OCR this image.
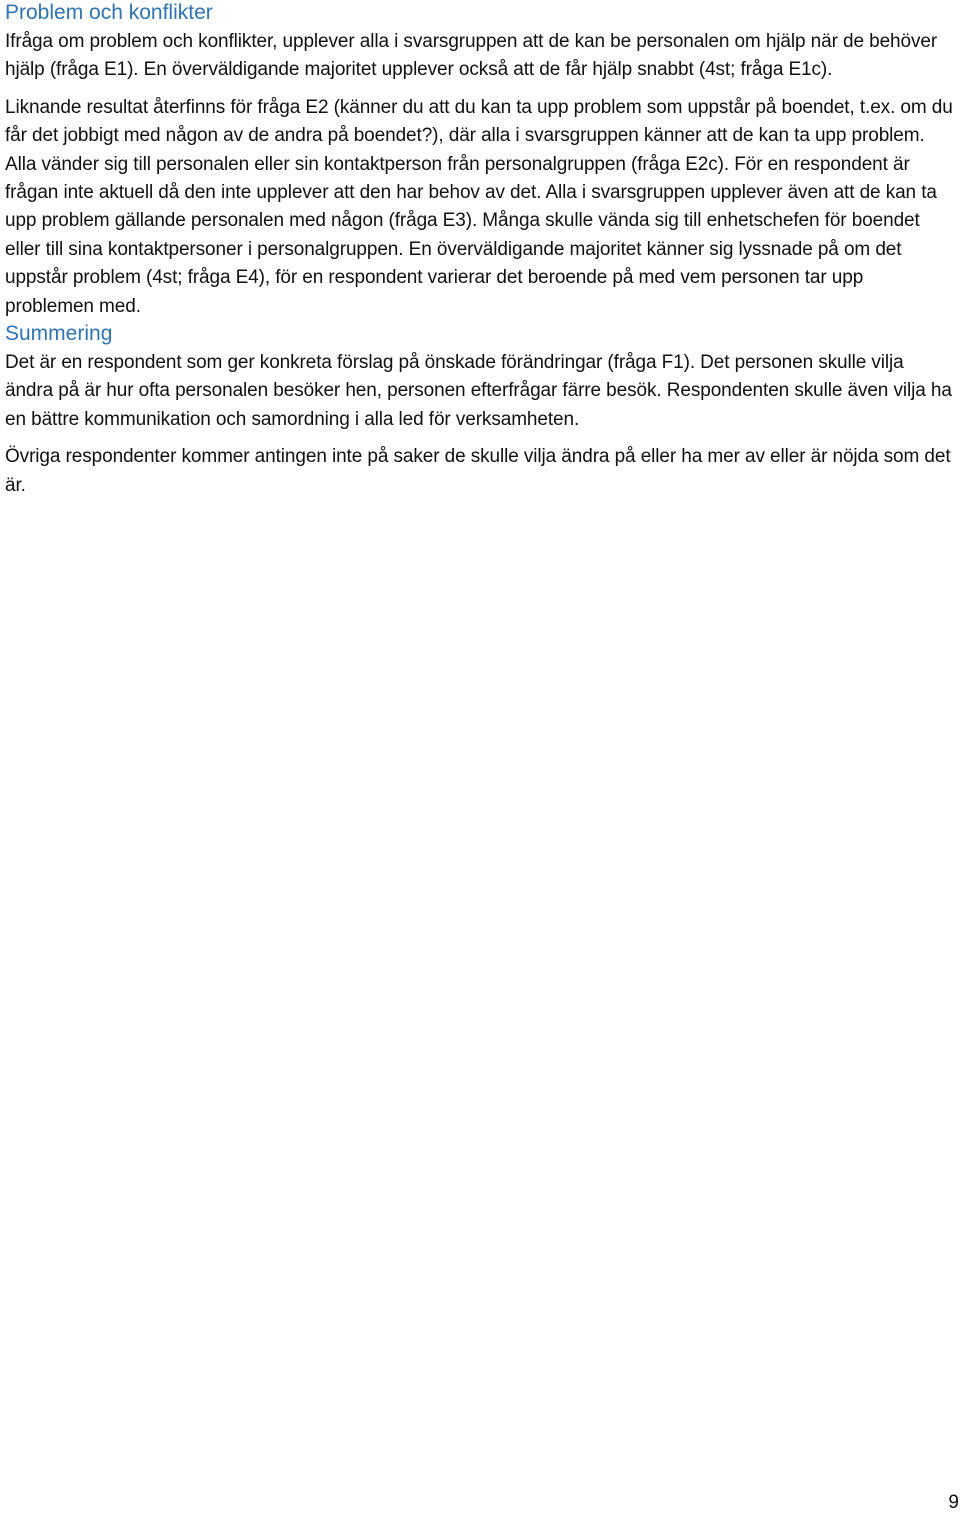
Problem och konflikter

Ifråga om problem och konflikter, upplever alla i svarsgruppen att de kan be personalen om hjälp när de behöver hjälp (fråga E1). En överväldigande majoritet upplever också att de får hjälp snabbt (4st; fråga E1c).

Liknande resultat återfinns för fråga E2 (känner du att du kan ta upp problem som uppstår på boendet, t.ex. om du får det jobbigt med någon av de andra på boendet?), där alla i svarsgruppen känner att de kan ta upp problem. Alla vänder sig till personalen eller sin kontaktperson från personalgruppen (fråga E2c). För en respondent är frågan inte aktuell då den inte upplever att den har behov av det. Alla i svarsgruppen upplever även att de kan ta upp problem gällande personalen med någon (fråga E3). Många skulle vända sig till enhetschefen för boendet eller till sina kontaktpersoner i personalgruppen. En överväldigande majoritet känner sig lyssnade på om det uppstår problem (4st; fråga E4), för en respondent varierar det beroende på med vem personen tar upp problemen med.

Summering

Det är en respondent som ger konkreta förslag på önskade förändringar (fråga F1). Det personen skulle vilja ändra på är hur ofta personalen besöker hen, personen efterfrågar färre besök. Respondenten skulle även vilja ha en bättre kommunikation och samordning i alla led för verksamheten.

Övriga respondenter kommer antingen inte på saker de skulle vilja ändra på eller ha mer av eller är nöjda som det är.

9
